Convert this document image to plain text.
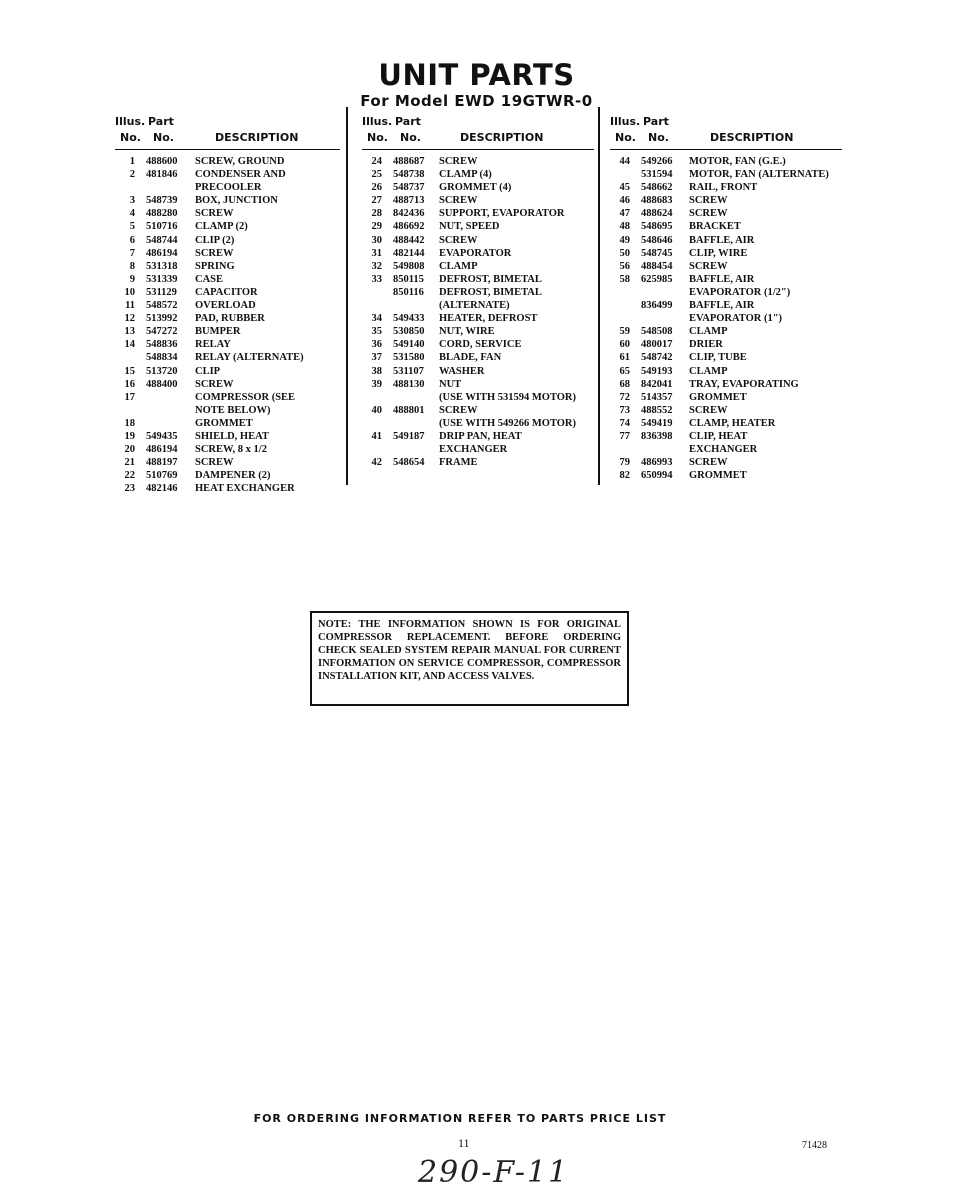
UNIT PARTS
For Model EWD 19GTWR-0
Illus. Part
No. No.	DESCRIPTION
1 488600 SCREW, GROUND
2 481846 CONDENSER AND
PRECOOLER
3 548739 BOX, JUNCTION
4 488280 SCREW
5 510716 CLAMP (2)
6 548744 CLIP (2)
7 486194 SCREW
8 531318 SPRING
9 531339 CASE
10 531129 CAPACITOR
11 548572 OVERLOAD
12 513992 PAD, RUBBER
13 547272 BUMPER
14 548836 RELAY
548834 RELAY (ALTERNATE)
15 513720 CLIP
16 488400 SCREW
17	COMPRESSOR (SEE
NOTE BELOW)
18	GROMMET
19 549435 SHIELD, HEAT
20 486194 SCREW, 8 x 1/2
21 488197 SCREW
22 510769 DAMPENER (2)
23 482146 HEAT EXCHANGER
Illus. Part
No. No.	DESCRIPTION
24 488687 SCREW
25 548738 CLAMP (4)
26 548737 GROMMET (4)
27 488713 SCREW
28 842436 SUPPORT, EVAPORATOR
29 486692 NUT, SPEED
30 488442 SCREW
31 482144 EVAPORATOR
32 549808 CLAMP
33 850115 DEFROST, BIMETAL
850116 DEFROST, BIMETAL
(ALTERNATE)
34 549433 HEATER, DEFROST
35 530850 NUT, WIRE
36 549140 CORD, SERVICE
37 531580 BLADE, FAN
38 531107 WASHER
39 488130 NUT
(USE WITH 531594 MOTOR)
40 488801 SCREW
(USE WITH 549266 MOTOR)
41 549187 DRIP PAN, HEAT
EXCHANGER
42 548654 FRAME
Illus. Part
No. No.	DESCRIPTION
44 549266 MOTOR, FAN (G.E.)
531594 MOTOR, FAN (ALTERNATE)
45 548662 RAIL, FRONT
46 488683 SCREW
47 488624 SCREW
48 548695 BRACKET
49 548646 BAFFLE, AIR
50 548745 CLIP, WIRE
56 488454 SCREW
58 625985 BAFFLE, AIR
EVAPORATOR (1/2")
836499 BAFFLE, AIR
EVAPORATOR (1")
59 548508 CLAMP
60 480017 DRIER
61 548742 CLIP, TUBE
65 549193 CLAMP
68 842041 TRAY, EVAPORATING
72 514357 GROMMET
73 488552 SCREW
74 549419 CLAMP, HEATER
77 836398 CLIP, HEAT
EXCHANGER
79 486993 SCREW
82 650994 GROMMET
NOTE: THE INFORMATION SHOWN IS FOR ORIGINAL COMPRESSOR REPLACEMENT. BEFORE ORDERING CHECK SEALED SYSTEM REPAIR MANUAL FOR CURRENT INFORMATION ON SERVICE COMPRESSOR, COMPRESSOR INSTALLATION KIT, AND ACCESS VALVES.
FOR ORDERING INFORMATION REFER TO PARTS PRICE LIST
11	71428
290-F-11
